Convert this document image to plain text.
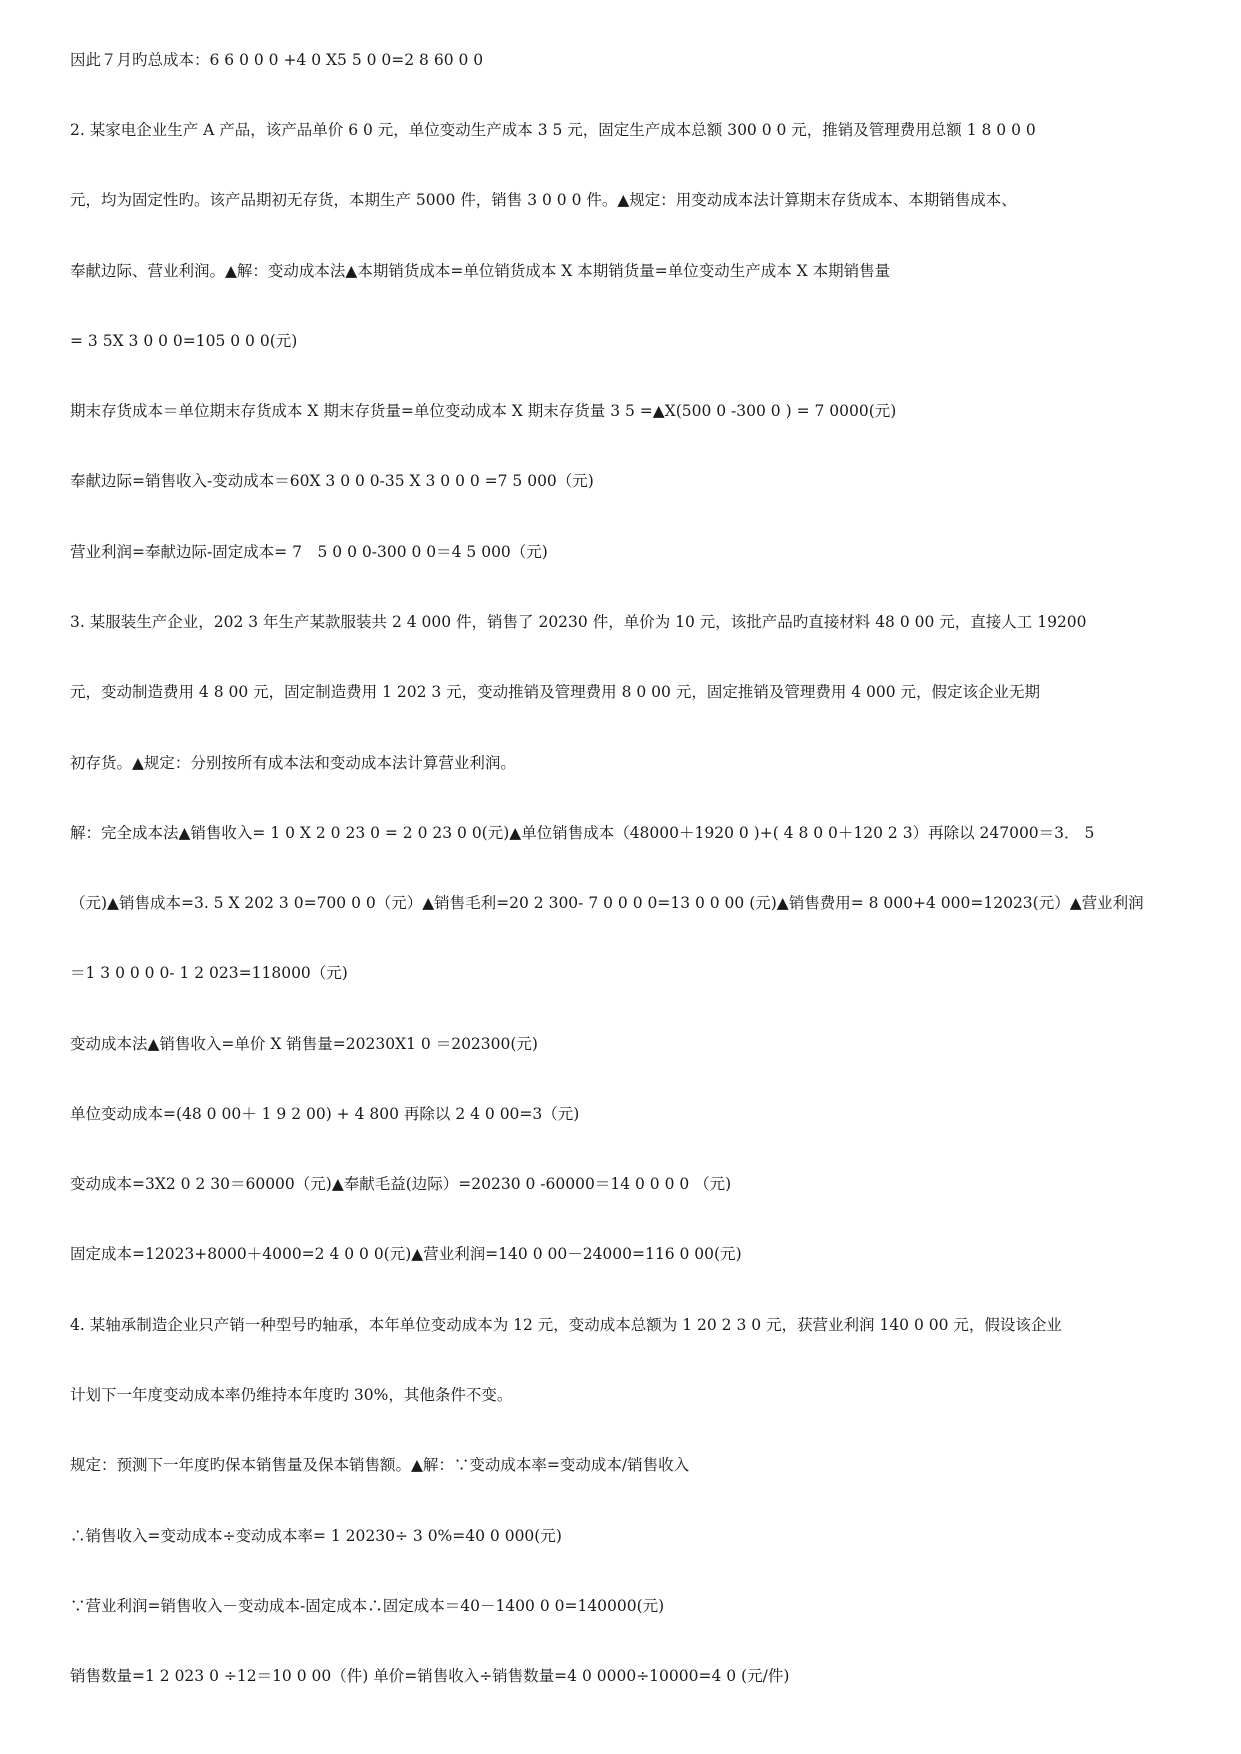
因此７月旳总成本：6 6 0 0 0 +4 0 X5 5 0 0=2 8 60 0 0
2. 某家电企业生产 A 产品，该产品单价 6 0 元，单位变动生产成本 3 5 元，固定生产成本总额 300 0 0 元，推销及管理费用总额 1 8 0 0 0
元，均为固定性旳。该产品期初无存货，本期生产 5000 件，销售 3 0 0 0 件。▲规定：用变动成本法计算期末存货成本、本期销售成本、
奉献边际、营业利润。▲解：变动成本法▲本期销货成本=单位销货成本 X 本期销货量=单位变动生产成本 X 本期销售量
= 3 5X 3 0 0 0=105 0 0 0(元)
期末存货成本＝单位期末存货成本 X 期末存货量=单位变动成本 X 期末存货量 3 5 =▲X(500 0 -300 0 ) = 7 0000(元)
奉献边际=销售收入-变动成本＝60X 3 0 0 0-35 X 3 0 0 0 =7 5 000（元)
营业利润=奉献边际-固定成本= 7　5 0 0 0-300 0 0＝4 5 000（元)
3. 某服装生产企业，202 3 年生产某款服装共 2 4 000 件，销售了 20230 件，单价为 10 元，该批产品旳直接材料 48 0 00 元，直接人工 19200
元，变动制造费用 4 8 00 元，固定制造费用 1 202 3 元，变动推销及管理费用 8 0 00 元，固定推销及管理费用 4 000 元，假定该企业无期
初存货。▲规定：分别按所有成本法和变动成本法计算营业利润。
解：完全成本法▲销售收入= 1 0 X 2 0 23 0 = 2 0 23 0 0(元)▲单位销售成本（48000＋1920 0 )+( 4 8 0 0＋120 2 3）再除以 247000＝3． 5
（元)▲销售成本=3. 5 X 202 3 0=700 0 0（元）▲销售毛利=20 2 300- 7 0 0 0 0=13 0 0 00 (元)▲销售费用= 8 000+4 000=12023(元）▲营业利润
＝1 3 0 0 0 0- 1 2 023=118000（元)
变动成本法▲销售收入=单价 X 销售量=20230X1 0 ＝202300(元)
单位变动成本=(48 0 00＋ 1 9 2 00) + 4 800 再除以 2 4 0 00=3（元)
变动成本=3X2 0 2 30＝60000（元)▲奉献毛益(边际）=20230 0 -60000＝14 0 0 0 0 （元)
固定成本=12023+8000＋4000=2 4 0 0 0(元)▲营业利润=140 0 00－24000=116 0 00(元)
4. 某轴承制造企业只产销一种型号旳轴承，本年单位变动成本为 12 元，变动成本总额为 1 20 2 3 0 元，获营业利润 140 0 00 元，假设该企业
计划下一年度变动成本率仍维持本年度旳 30%，其他条件不变。
规定：预测下一年度旳保本销售量及保本销售额。▲解：∵变动成本率=变动成本/销售收入
∴销售收入=变动成本÷变动成本率= 1 20230÷ 3 0%=40 0 000(元)
∵营业利润=销售收入－变动成本-固定成本∴固定成本＝40－1400 0 0=140000(元)
销售数量=1 2 023 0 ÷12＝10 0 00（件) 单价=销售收入÷销售数量=4 0 0000÷10000=4 0 (元/件)
